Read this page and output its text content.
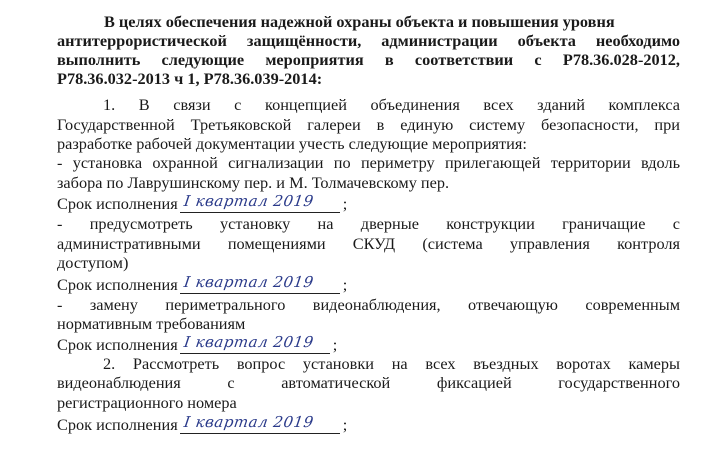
В целях обеспечения надежной охраны объекта и повышения уровня
антитеррористической защищённости, администрации объекта необходимо
выполнить следующие мероприятия в соответствии с Р78.36.028-2012,
Р78.36.032-2013 ч 1, Р78.36.039-2014:
1. В связи с концепцией объединения всех зданий комплекса
Государственной Третьяковской галереи в единую систему безопасности, при
разработке рабочей документации учесть следующие мероприятия:
- установка охранной сигнализации по периметру прилегающей территории вдоль
забора по Лаврушинскому пер. и М. Толмачевскому пер.
Срок исполнения I квартал 2019 ;
- предусмотреть установку на дверные конструкции граничащие с
административными помещениями СКУД (система управления контроля
доступом)
Срок исполнения I квартал 2019 ;
- замену периметрального видеонаблюдения, отвечающую современным
нормативным требованиям
Срок исполнения I квартал 2019 ;
2. Рассмотреть вопрос установки на всех въездных воротах камеры
видеонаблюдения с автоматической фиксацией государственного
регистрационного номера
Срок исполнения I квартал 2019 ;
